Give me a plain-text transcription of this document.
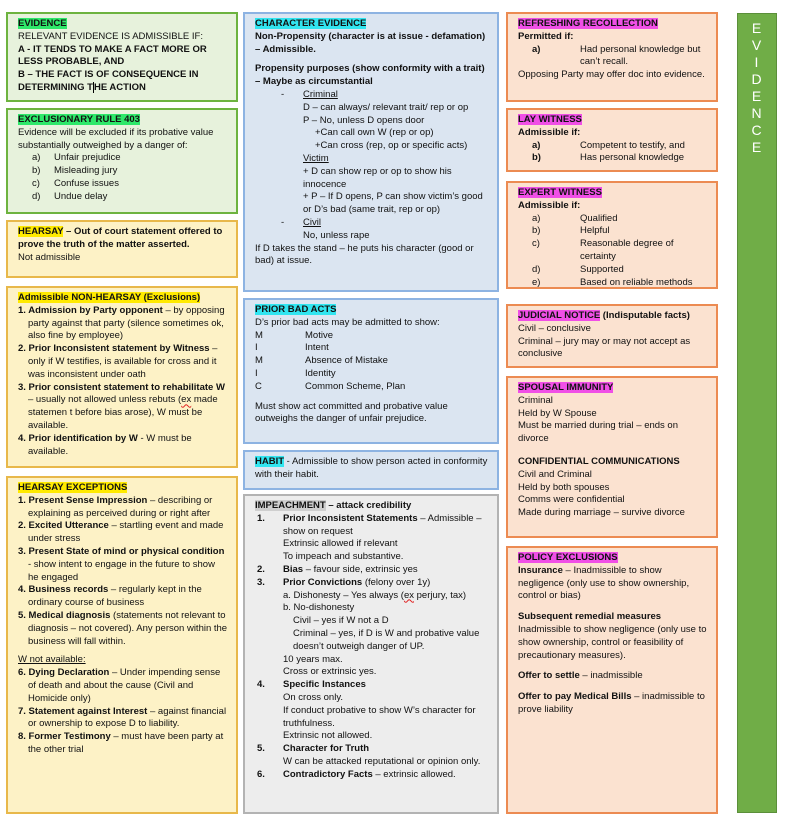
EVIDENCE

RELEVANT EVIDENCE IS ADMISSIBLE IF:

A - IT TENDS TO MAKE A FACT MORE OR LESS PROBABLE, AND

B – THE FACT IS OF CONSEQUENCE IN DETERMINING THE ACTION

EXCLUSIONARY RULE 403

Evidence will be excluded if its probative value substantially outweighed by a danger of:

a)	Unfair prejudice
b)	Misleading jury
c)	Confuse issues
d)	Undue delay

HEARSAY – Out of court statement offered to prove the truth of the matter asserted.

Not admissible

Admissible NON-HEARSAY (Exclusions)

1. Admission by Party opponent – by opposing party against that party (silence sometimes ok, also fine by employee)

2. Prior Inconsistent statement by Witness – only if W testifies, is available for cross and it was inconsistent under oath

3. Prior consistent statement to rehabilitate W – usually not allowed unless rebuts (ex made statemen t before bias arose), W must be available.

4. Prior identification by W - W must be available.

HEARSAY EXCEPTIONS

1. Present Sense Impression – describing or explaining as perceived during or right after

2. Excited Utterance – startling event and made under stress

3. Present State of mind or physical condition - show intent to engage in the future to show he engaged

4. Business records – regularly kept in the ordinary course of business

5. Medical diagnosis (statements not relevant to diagnosis – not covered). Any person within the business will fall within.

W not available:

6. Dying Declaration – Under impending sense of death and about the cause (Civil and Homicide only)

7. Statement against Interest – against financial or ownership to expose D to liability.

8. Former Testimony – must have been party at the other trial

CHARACTER EVIDENCE

Non-Propensity (character is at issue - defamation) – Admissible.

Propensity purposes (show conformity with a trait) – Maybe as circumstantial

-	Criminal

D – can always/ relevant trait/ rep or op

P – No, unless D opens door

+Can call own W (rep or op)

+Can cross (rep, op or specific acts)

Victim

+ D can show rep or op to show his innocence

+ P – If D opens, P can show victim’s good or D’s bad (same trait, rep or op)

-	Civil

No, unless rape

If D takes the stand – he puts his character (good or bad) at issue.

PRIOR BAD ACTS

D’s prior bad acts may be admitted to show:

M	Motive
I	Intent
M	Absence of Mistake
I	Identity
C	Common Scheme, Plan

Must show act committed and probative value outweighs the danger of unfair prejudice.

HABIT - Admissible to show person acted in conformity with their habit.

IMPEACHMENT – attack credibility

1.	Prior Inconsistent Statements – Admissible – show on request

Extrinsic allowed if relevant

To impeach and substantive.

2.	Bias – favour side, extrinsic yes
3.	Prior Convictions (felony over 1y)

a. Dishonesty – Yes always (ex perjury, tax)

b. No-dishonesty

Civil – yes if W not a D

Criminal – yes, if D is W and probative value doesn’t outweigh danger of UP.

10 years max.

Cross or extrinsic yes.

4.	Specific Instances

On cross only.

If conduct probative to show W’s character for truthfulness.

Extrinsic not allowed.

5.	Character for Truth

W can be attacked reputational or opinion only.

6.	Contradictory Facts – extrinsic allowed.

REFRESHING RECOLLECTION

Permitted if:

a)	Had personal knowledge but can’t recall.

Opposing Party may offer doc into evidence.

LAY WITNESS

Admissible if:

a)	Competent to testify, and
b)	Has personal knowledge

EXPERT WITNESS

Admissible if:

a)	Qualified
b)	Helpful
c)	Reasonable degree of certainty
d)	Supported
e)	Based on reliable methods

JUDICIAL NOTICE (Indisputable facts)

Civil – conclusive

Criminal – jury may or may not accept as conclusive

SPOUSAL IMMUNITY

Criminal

Held by W Spouse

Must be married during trial – ends on divorce

CONFIDENTIAL COMMUNICATIONS

Civil and Criminal

Held by both spouses

Comms were confidential

Made during marriage – survive divorce

POLICY EXCLUSIONS

Insurance – Inadmissible to show negligence (only use to show ownership, control or bias)

Subsequent remedial measures

Inadmissible to show negligence (only use to show ownership, control or feasibility of precautionary measures).

Offer to settle – inadmissible

Offer to pay Medical Bills – inadmissible to prove liability

E
V
I
D
E
N
C
E
